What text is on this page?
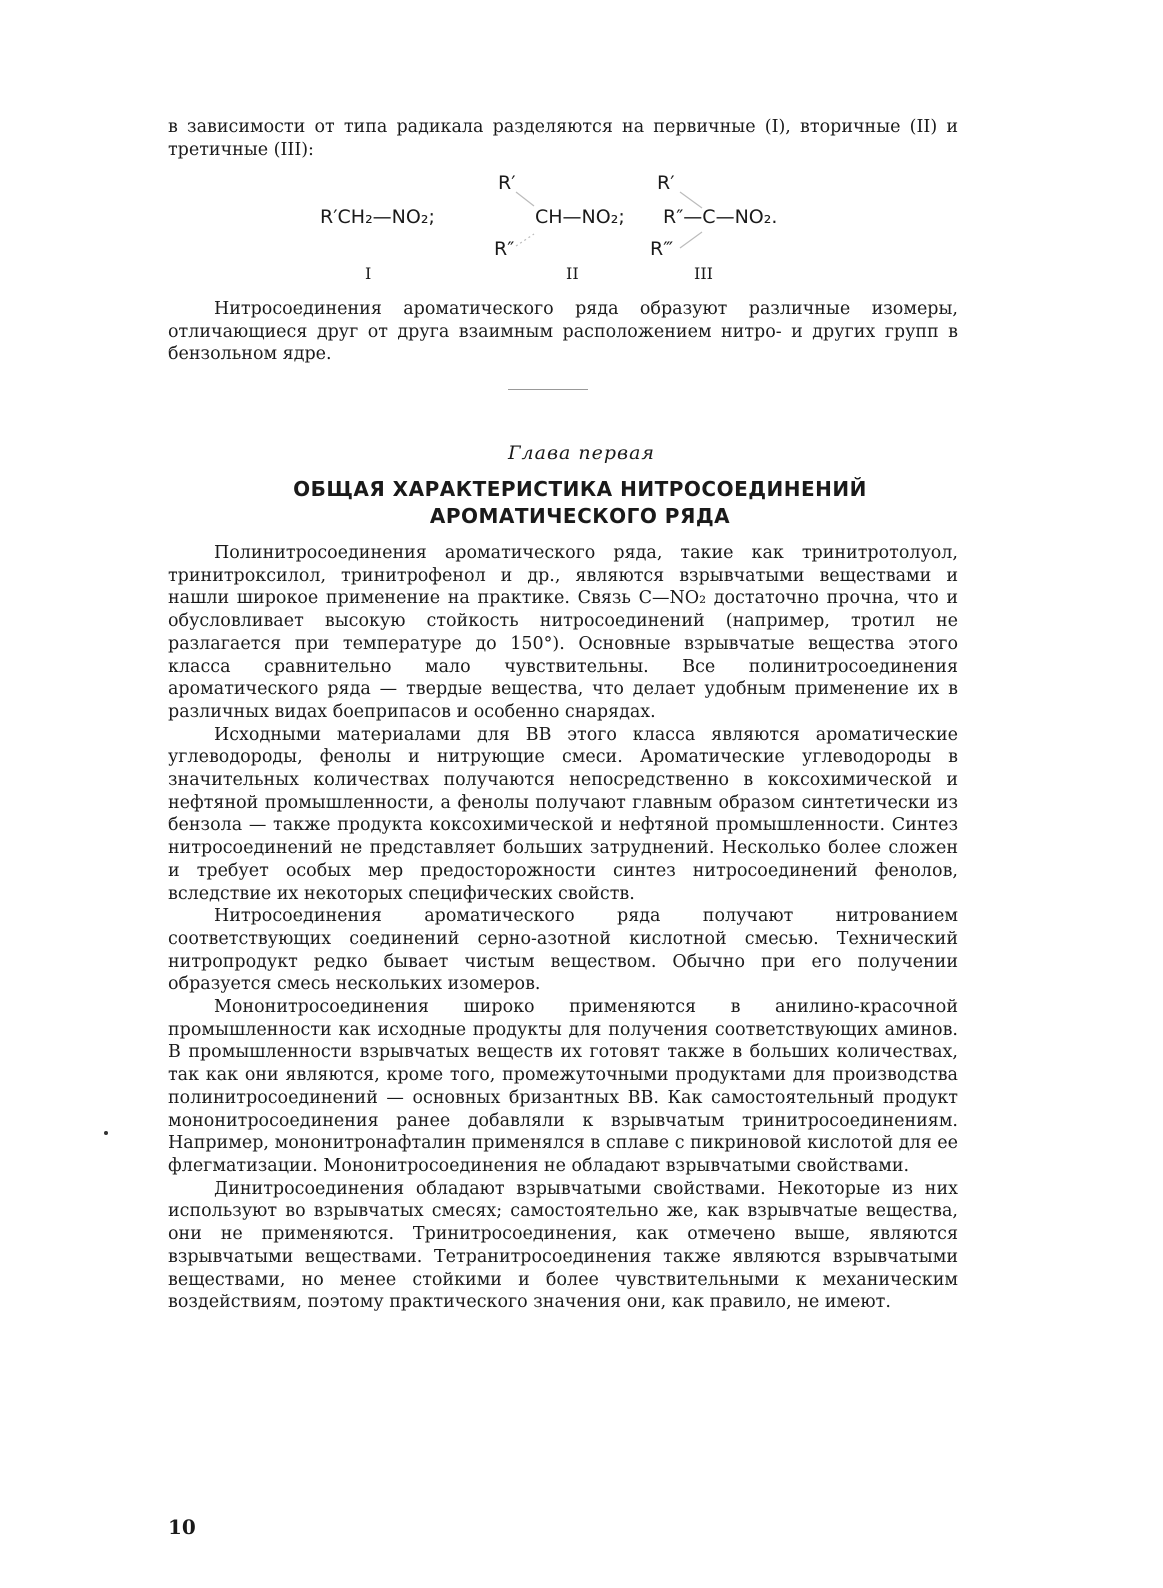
в зависимости от типа радикала разделяются на первичные (I), вторичные (II) и третичные (III):

R′CH₂—NO₂;
R′
CH—NO₂;
R″
R′
R″—C—NO₂.
R‴
I	II	III

Нитросоединения ароматического ряда образуют различные изомеры, отличающиеся друг от друга взаимным расположением нитро- и других групп в бензольном ядре.

Глава первая
ОБЩАЯ ХАРАКТЕРИСТИКА НИТРОСОЕДИНЕНИЙ
АРОМАТИЧЕСКОГО РЯДА

Полинитросоединения ароматического ряда, такие как тринитротолуол, тринитроксилол, тринитрофенол и др., являются взрывчатыми веществами и нашли широкое применение на практике. Связь C—NO₂ достаточно прочна, что и обусловливает высокую стойкость нитросоединений (например, тротил не разлагается при температуре до 150°). Основные взрывчатые вещества этого класса сравнительно мало чувствительны. Все полинитросоединения ароматического ряда — твердые вещества, что делает удобным применение их в различных видах боеприпасов и особенно снарядах.

Исходными материалами для ВВ этого класса являются ароматические углеводороды, фенолы и нитрующие смеси. Ароматические углеводороды в значительных количествах получаются непосредственно в коксохимической и нефтяной промышленности, а фенолы получают главным образом синтетически из бензола — также продукта коксохимической и нефтяной промышленности. Синтез нитросоединений не представляет больших затруднений. Несколько более сложен и требует особых мер предосторожности синтез нитросоединений фенолов, вследствие их некоторых специфических свойств.

Нитросоединения ароматического ряда получают нитрованием соответствующих соединений серно-азотной кислотной смесью. Технический нитропродукт редко бывает чистым веществом. Обычно при его получении образуется смесь нескольких изомеров.

Мононитросоединения широко применяются в анилино-красочной промышленности как исходные продукты для получения соответствующих аминов. В промышленности взрывчатых веществ их готовят также в больших количествах, так как они являются, кроме того, промежуточными продуктами для производства полинитросоединений — основных бризантных ВВ. Как самостоятельный продукт мононитросоединения ранее добавляли к взрывчатым тринитросоединениям. Например, мононитронафталин применялся в сплаве с пикриновой кислотой для ее флегматизации. Мононитросоединения не обладают взрывчатыми свойствами.

Динитросоединения обладают взрывчатыми свойствами. Некоторые из них используют во взрывчатых смесях; самостоятельно же, как взрывчатые вещества, они не применяются. Тринитросоединения, как отмечено выше, являются взрывчатыми веществами. Тетранитросоединения также являются взрывчатыми веществами, но менее стойкими и более чувствительными к механическим воздействиям, поэтому практического значения они, как правило, не имеют.

10
